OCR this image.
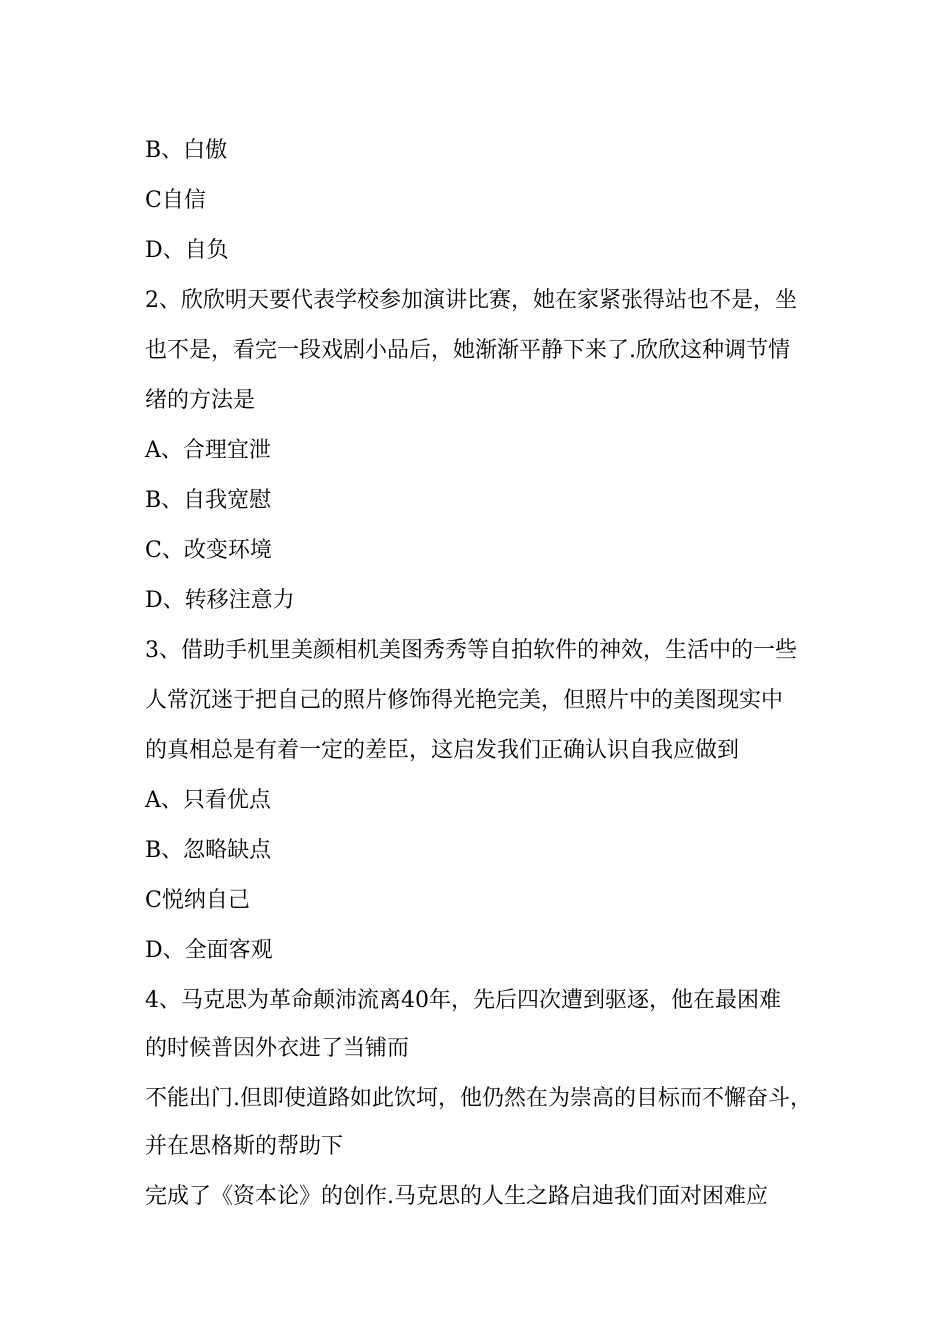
B、白傲
C自信
D、自负
2、欣欣明天要代表学校参加演讲比赛，她在家紧张得站也不是，坐
也不是，看完一段戏剧小品后，她渐渐平静下来了.欣欣这种调节情
绪的方法是
A、合理宜泄
B、自我宽慰
C、改变环境
D、转移注意力
3、借助手机里美颜相机美图秀秀等自拍软件的神效，生活中的一些
人常沉迷于把自己的照片修饰得光艳完美，但照片中的美图现实中
的真相总是有着一定的差臣，这启发我们正确认识自我应做到
A、只看优点
B、忽略缺点
C悦纳自己
D、全面客观
4、马克思为革命颠沛流离40年，先后四次遭到驱逐，他在最困难
的时候普因外衣进了当铺而
不能出门.但即使道路如此饮坷，他仍然在为崇高的目标而不懈奋斗，
并在思格斯的帮助下
完成了《资本论》的创作.马克思的人生之路启迪我们面对困难应
